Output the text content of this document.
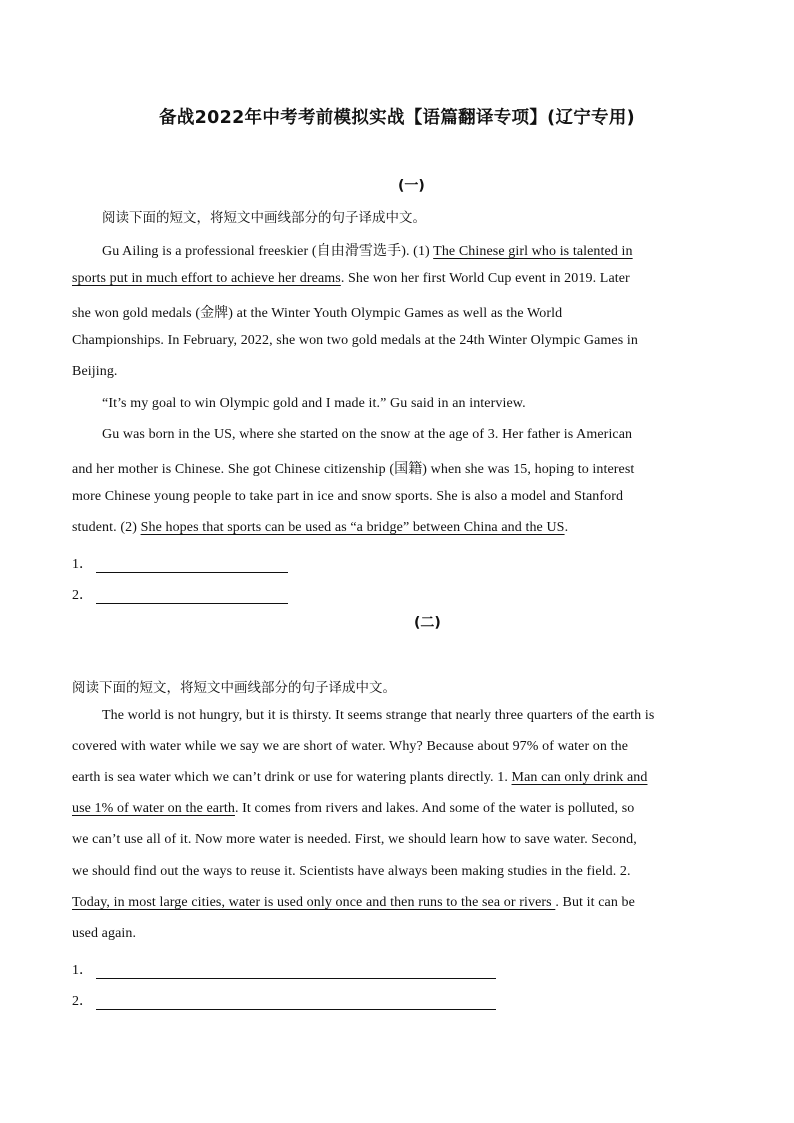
备战2022年中考考前模拟实战【语篇翻译专项】(辽宁专用)
(一)
阅读下面的短文，将短文中画线部分的句子译成中文。
Gu Ailing is a professional freeskier (自由滑雪选手). (1) The Chinese girl who is talented in
sports put in much effort to achieve her dreams. She won her first World Cup event in 2019. Later
she won gold medals (金牌) at the Winter Youth Olympic Games as well as the World
Championships. In February, 2022, she won two gold medals at the 24th Winter Olympic Games in
Beijing.
“It’s my goal to win Olympic gold and I made it.” Gu said in an interview.
Gu was born in the US, where she started on the snow at the age of 3. Her father is American
and her mother is Chinese. She got Chinese citizenship (国籍) when she was 15, hoping to interest
more Chinese young people to take part in ice and snow sports. She is also a model and Stanford
student. (2) She hopes that sports can be used as “a bridge” between China and the US.
1．
2．
(二)
阅读下面的短文，将短文中画线部分的句子译成中文。
The world is not hungry, but it is thirsty. It seems strange that nearly three quarters of the earth is
covered with water while we say we are short of water. Why? Because about 97% of water on the
earth is sea water which we can’t drink or use for watering plants directly. 1. Man can only drink and
use 1% of water on the earth. It comes from rivers and lakes. And some of the water is polluted, so
we can’t use all of it. Now more water is needed. First, we should learn how to save water. Second,
we should find out the ways to reuse it. Scientists have always been making studies in the field. 2.
Today, in most large cities, water is used only once and then runs to the sea or rivers . But it can be
used again.
1．
2．
